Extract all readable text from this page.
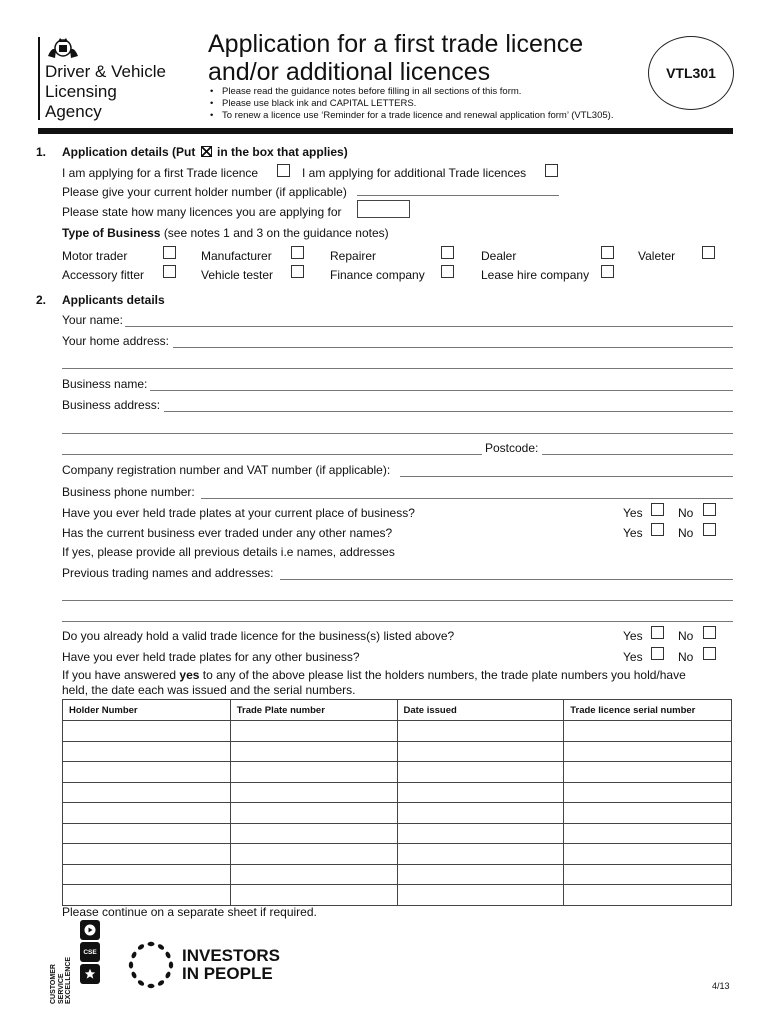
Driver & Vehicle
Licensing
Agency
Application for a first trade licence
and/or additional licences
• Please read the guidance notes before filling in all sections of this form.
• Please use black ink and CAPITAL LETTERS.
• To renew a licence use ‘Reminder for a trade licence and renewal application form’ (VTL305).
VTL301
1. Application details (Put ☒ in the box that applies)
I am applying for a first Trade licence	I am applying for additional Trade licences
Please give your current holder number (if applicable)
Please state how many licences you are applying for
Type of Business (see notes 1 and 3 on the guidance notes)
Motor trader	Manufacturer	Repairer	Dealer	Valeter
Accessory fitter	Vehicle tester	Finance company	Lease hire company
2. Applicants details
Your name:
Your home address:
Business name:
Business address:
Postcode:
Company registration number and VAT number (if applicable):
Business phone number:
Have you ever held trade plates at your current place of business?	Yes	No
Has the current business ever traded under any other names?	Yes	No
If yes, please provide all previous details i.e names, addresses
Previous trading names and addresses:
Do you already hold a valid trade licence for the business(s) listed above?	Yes	No
Have you ever held trade plates for any other business?	Yes	No
If you have answered yes to any of the above please list the holders numbers, the trade plate numbers you hold/have
held, the date each was issued and the serial numbers.
Holder Number	Trade Plate number	Date issued	Trade licence serial number

Please continue on a separate sheet if required.
CUSTOMER SERVICE EXCELLENCE
CSE	INVESTORS
IN PEOPLE
4/13
